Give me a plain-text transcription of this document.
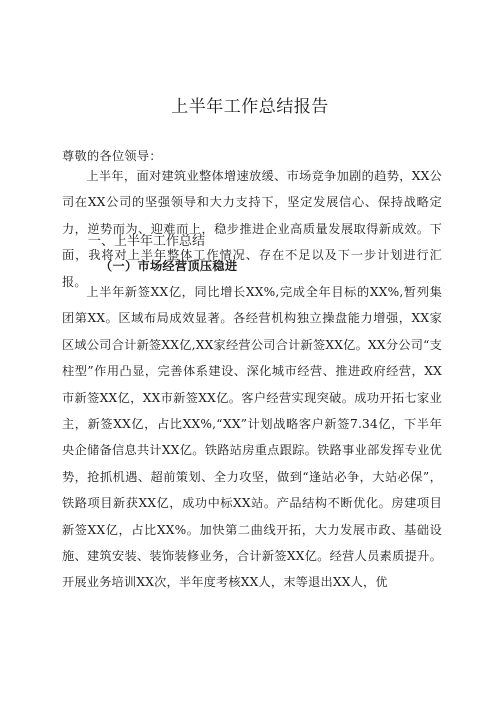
上半年工作总结报告
尊敬的各位领导：
上半年，面对建筑业整体增速放缓、市场竞争加剧的趋势，XX公司在XX公司的坚强领导和大力支持下，坚定发展信心、保持战略定力，逆势而为、迎难而上，稳步推进企业高质量发展取得新成效。下面，我将对上半年整体工作情况、存在不足以及下一步计划进行汇报。
一、上半年工作总结
（一）市场经营顶压稳进
上半年新签XX亿，同比增长XX%,完成全年目标的XX%,暂列集团第XX。区域布局成效显著。各经营机构独立操盘能力增强，XX家区域公司合计新签XX亿,XX家经营公司合计新签XX亿。XX分公司“支柱型”作用凸显，完善体系建设、深化城市经营、推进政府经营，XX市新签XX亿，XX市新签XX亿。客户经营实现突破。成功开拓七家业主，新签XX亿，占比XX%,“XX”计划战略客户新签7.34亿，下半年央企储备信息共计XX亿。铁路站房重点跟踪。铁路事业部发挥专业优势，抢抓机遇、超前策划、全力攻坚，做到“逢站必争，大站必保”，铁路项目新获XX亿，成功中标XX站。产品结构不断优化。房建项目新签XX亿，占比XX%。加快第二曲线开拓，大力发展市政、基础设施、建筑安装、装饰装修业务，合计新签XX亿。经营人员素质提升。开展业务培训XX次，半年度考核XX人，末等退出XX人，优
